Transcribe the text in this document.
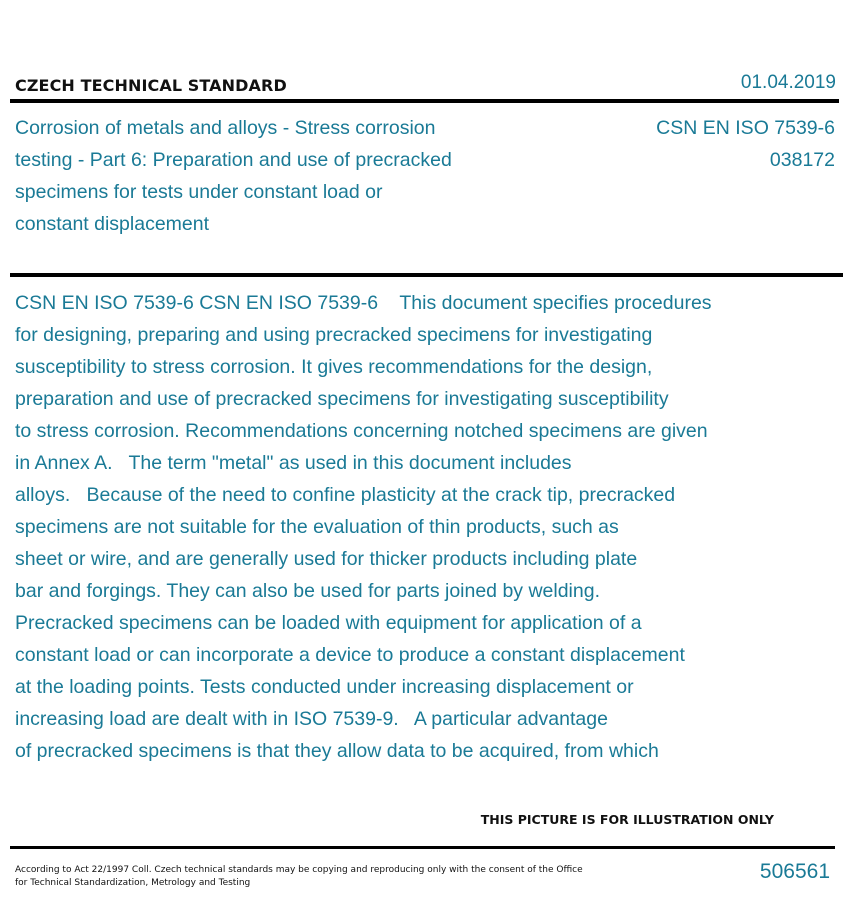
CZECH TECHNICAL STANDARD	01.04.2019
Corrosion of metals and alloys - Stress corrosion
testing - Part 6: Preparation and use of precracked
specimens for tests under constant load or
constant displacement
CSN EN ISO 7539-6
038172
CSN EN ISO 7539-6 CSN EN ISO 7539-6    This document specifies procedures
for designing, preparing and using precracked specimens for investigating
susceptibility to stress corrosion. It gives recommendations for the design,
preparation and use of precracked specimens for investigating susceptibility
to stress corrosion. Recommendations concerning notched specimens are given
in Annex A.   The term "metal" as used in this document includes
alloys.   Because of the need to confine plasticity at the crack tip, precracked
specimens are not suitable for the evaluation of thin products, such as
sheet or wire, and are generally used for thicker products including plate
bar and forgings. They can also be used for parts joined by welding.
Precracked specimens can be loaded with equipment for application of a
constant load or can incorporate a device to produce a constant displacement
at the loading points. Tests conducted under increasing displacement or
increasing load are dealt with in ISO 7539-9.   A particular advantage
of precracked specimens is that they allow data to be acquired, from which
THIS PICTURE IS FOR ILLUSTRATION ONLY
According to Act 22/1997 Coll. Czech technical standards may be copying and reproducing only with the consent of the Office
for Technical Standardization, Metrology and Testing	506561
